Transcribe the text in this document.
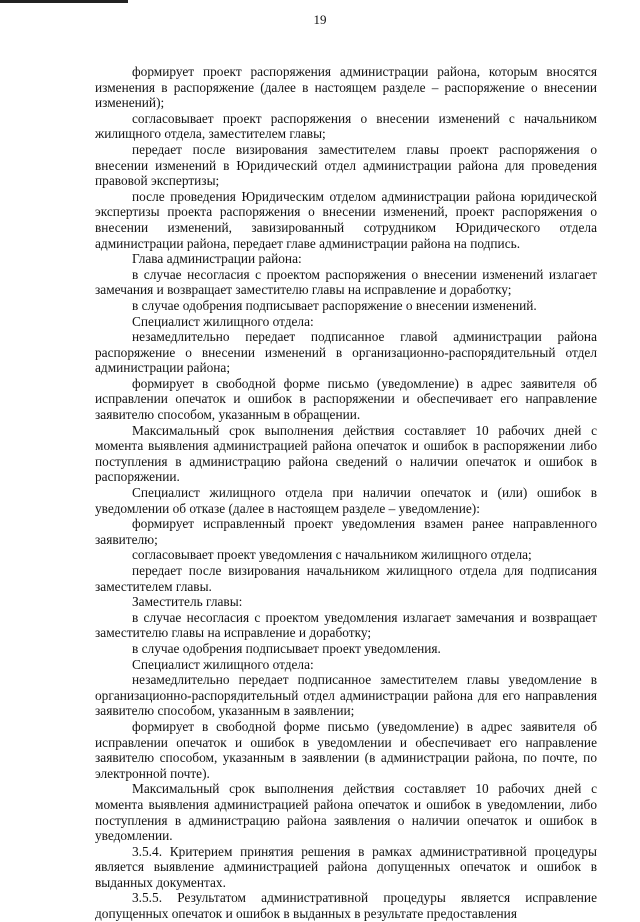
19

формирует проект распоряжения администрации района, которым вносятся изменения в распоряжение (далее в настоящем разделе – распоряжение о внесении изменений);

согласовывает проект распоряжения о внесении изменений с начальником жилищного отдела, заместителем главы;

передает после визирования заместителем главы проект распоряжения о внесении изменений в Юридический отдел администрации района для проведения правовой экспертизы;

после проведения Юридическим отделом администрации района юридической экспертизы проекта распоряжения о внесении изменений, проект распоряжения о внесении изменений, завизированный сотрудником Юридического отдела администрации района, передает главе администрации района на подпись.

Глава администрации района:

в случае несогласия с проектом распоряжения о внесении изменений излагает замечания и возвращает заместителю главы на исправление и доработку;

в случае одобрения подписывает распоряжение о внесении изменений.

Специалист жилищного отдела:

незамедлительно передает подписанное главой администрации района распоряжение о внесении изменений в организационно-распорядительный отдел администрации района;

формирует в свободной форме письмо (уведомление) в адрес заявителя об исправлении опечаток и ошибок в распоряжении и обеспечивает его направление заявителю способом, указанным в обращении.

Максимальный срок выполнения действия составляет 10 рабочих дней с момента выявления администрацией района опечаток и ошибок в распоряжении либо поступления в администрацию района сведений о наличии опечаток и ошибок в распоряжении.

Специалист жилищного отдела при наличии опечаток и (или) ошибок в уведомлении об отказе (далее в настоящем разделе – уведомление):

формирует исправленный проект уведомления взамен ранее направленного заявителю;

согласовывает проект уведомления с начальником жилищного отдела;

передает после визирования начальником жилищного отдела для подписания заместителем главы.

Заместитель главы:

в случае несогласия с проектом уведомления излагает замечания и возвращает заместителю главы на исправление и доработку;

в случае одобрения подписывает проект уведомления.

Специалист жилищного отдела:

незамедлительно передает подписанное заместителем главы уведомление в организационно-распорядительный отдел администрации района для его направления заявителю способом, указанным в заявлении;

формирует в свободной форме письмо (уведомление) в адрес заявителя об исправлении опечаток и ошибок в уведомлении и обеспечивает его направление заявителю способом, указанным в заявлении (в администрации района, по почте, по электронной почте).

Максимальный срок выполнения действия составляет 10 рабочих дней с момента выявления администрацией района опечаток и ошибок в уведомлении, либо поступления в администрацию района заявления о наличии опечаток и ошибок в уведомлении.

3.5.4. Критерием принятия решения в рамках административной процедуры является выявление администрацией района допущенных опечаток и ошибок в выданных документах.

3.5.5. Результатом административной процедуры является исправление допущенных опечаток и ошибок в выданных в результате предоставления
